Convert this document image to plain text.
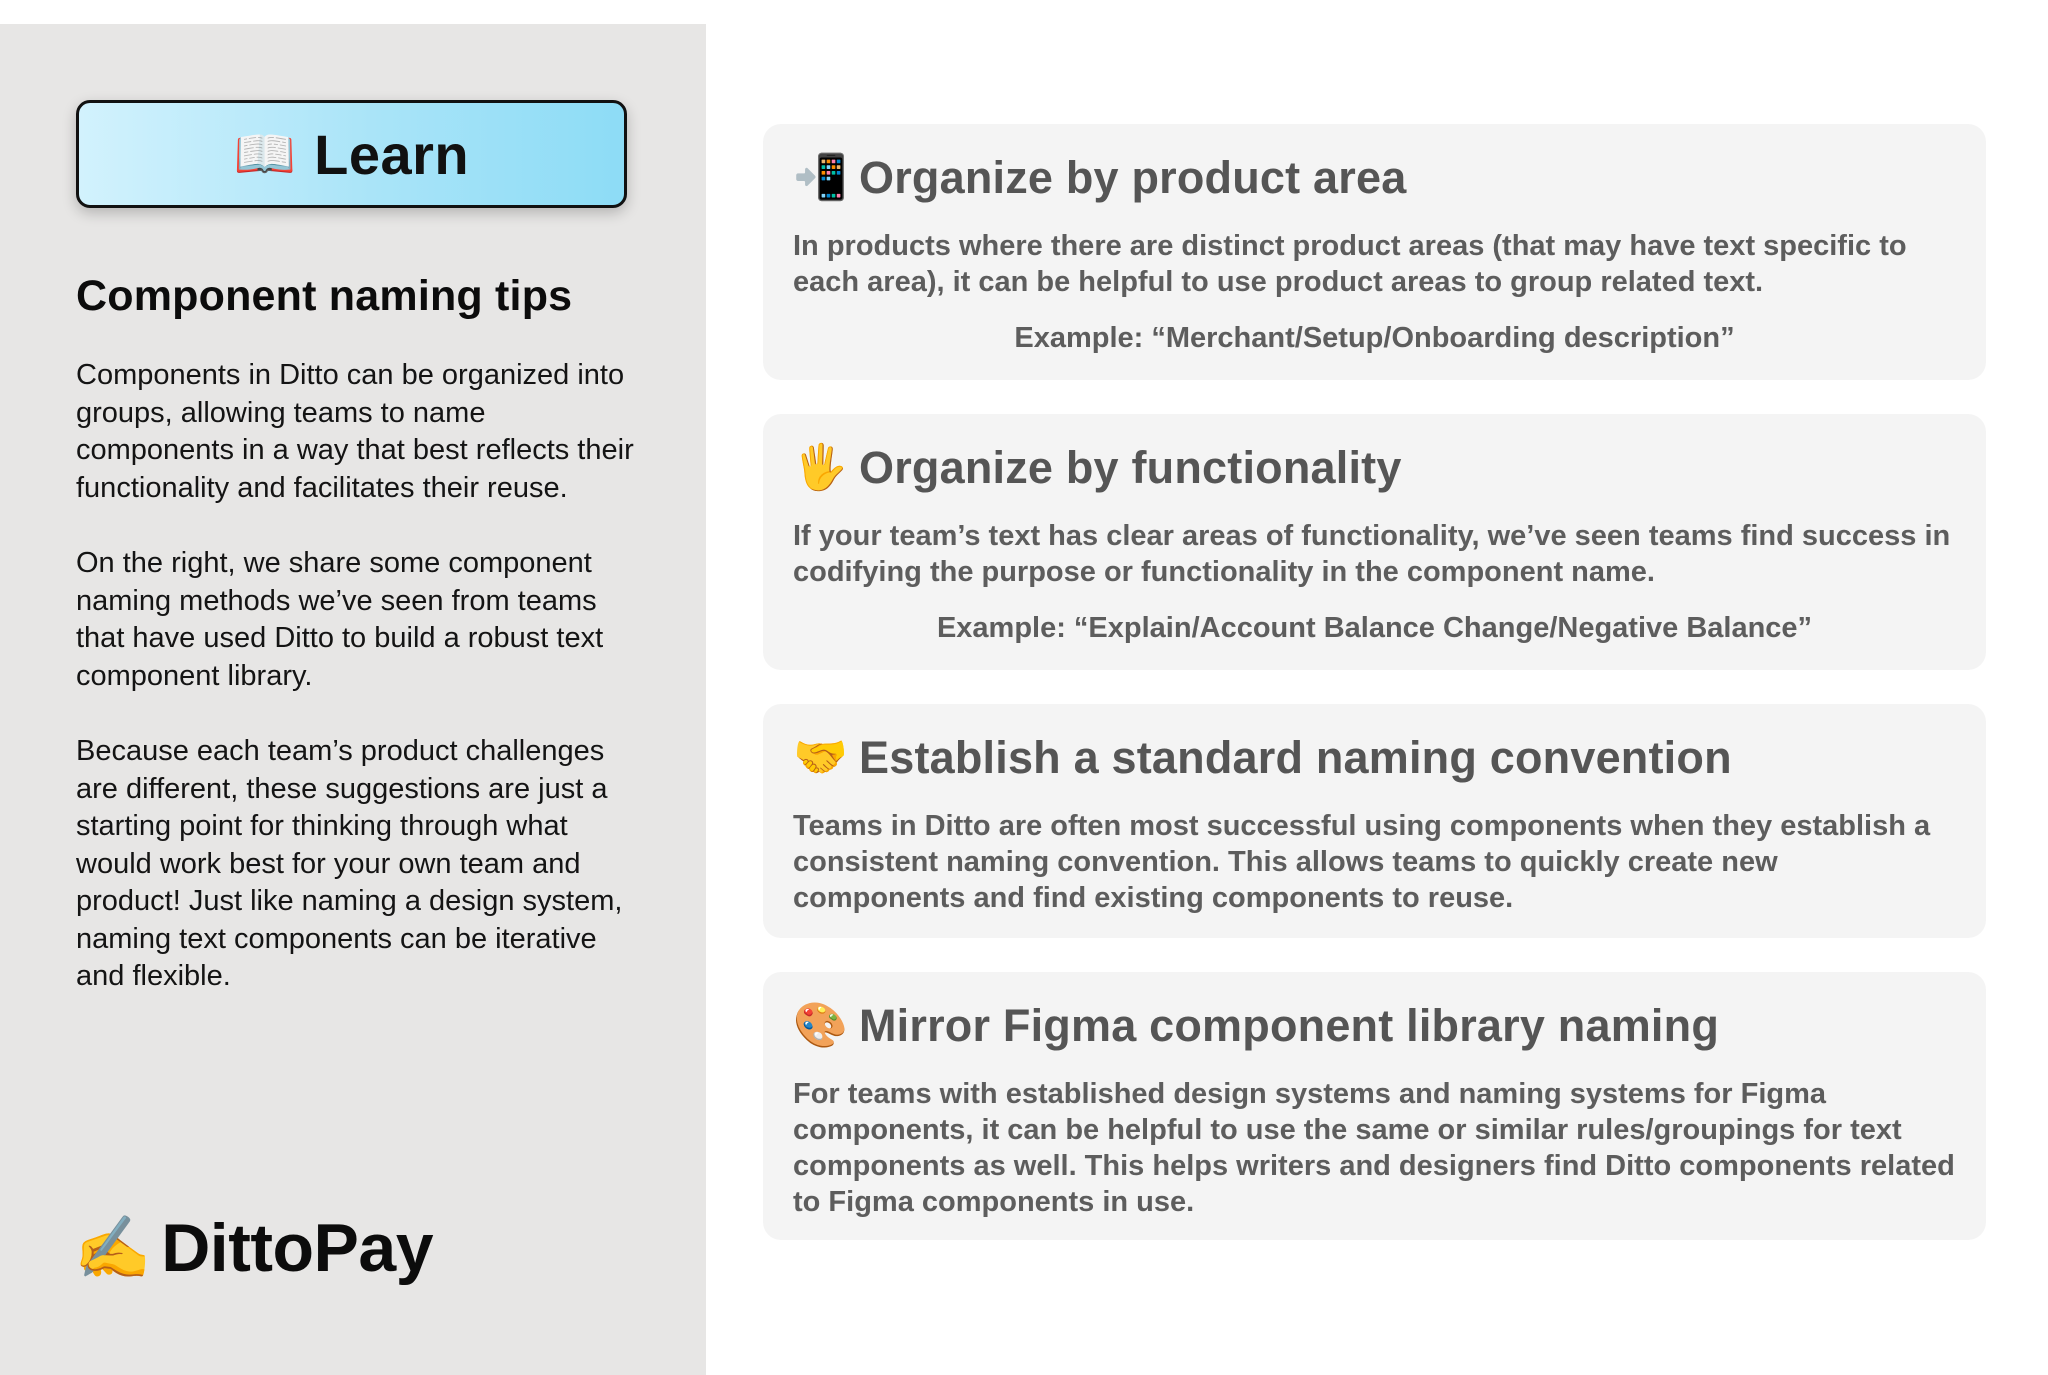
📖 Learn
Component naming tips

Components in Ditto can be organized into groups, allowing teams to name components in a way that best reflects their functionality and facilitates their reuse.

On the right, we share some component naming methods we’ve seen from teams that have used Ditto to build a robust text component library.

Because each team’s product challenges are different, these suggestions are just a starting point for thinking through what would work best for your own team and product! Just like naming a design system, naming text components can be iterative and flexible.

✍️ DittoPay
📲 Organize by product area
In products where there are distinct product areas (that may have text specific to each area), it can be helpful to use product areas to group related text.
Example: “Merchant/Setup/Onboarding description”
🖐️ Organize by functionality
If your team’s text has clear areas of functionality, we’ve seen teams find success in codifying the purpose or functionality in the component name.
Example: “Explain/Account Balance Change/Negative Balance”
🤝 Establish a standard naming convention
Teams in Ditto are often most successful using components when they establish a consistent naming convention. This allows teams to quickly create new components and find existing components to reuse.
🎨 Mirror Figma component library naming
For teams with established design systems and naming systems for Figma components, it can be helpful to use the same or similar rules/groupings for text components as well. This helps writers and designers find Ditto components related to Figma components in use.
